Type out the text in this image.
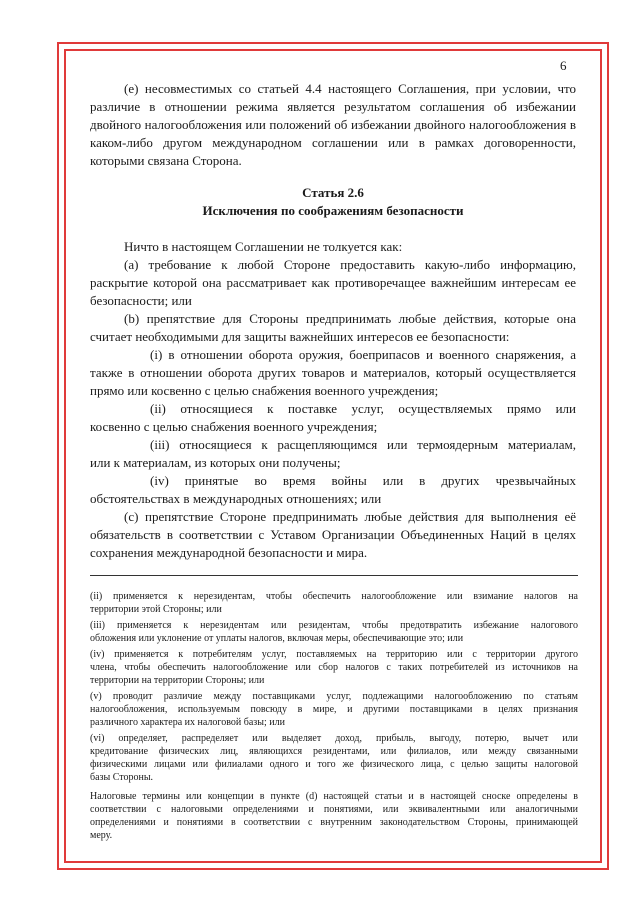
6
(e) несовместимых со статьей 4.4 настоящего Соглашения, при условии, что
различие в отношении режима является результатом соглашения об избежании
двойного налогообложения или положений об избежании двойного налогообложения в
каком-либо другом международном соглашении или в рамках договоренности,
которыми связана Сторона.
Статья 2.6
Исключения по соображениям безопасности
Ничто в настоящем Соглашении не толкуется как:
(a) требование к любой Стороне предоставить какую-либо информацию,
раскрытие которой она рассматривает как противоречащее важнейшим интересам ее
безопасности; или
(b) препятствие для Стороны предпринимать любые действия, которые она
считает необходимыми для защиты важнейших интересов ее безопасности:
(i) в отношении оборота оружия, боеприпасов и военного снаряжения, а
также в отношении оборота других товаров и материалов, который осуществляется
прямо или косвенно с целью снабжения военного учреждения;
(ii) относящиеся к поставке услуг, осуществляемых прямо или
косвенно с целью снабжения военного учреждения;
(iii) относящиеся к расщепляющимся или термоядерным материалам,
или к материалам, из которых они получены;
(iv) принятые во время войны или в других чрезвычайных
обстоятельствах в международных отношениях; или
(c) препятствие Стороне предпринимать любые действия для выполнения её
обязательств в соответствии с Уставом Организации Объединенных Наций в целях
сохранения международной безопасности и мира.
(ii) применяется к нерезидентам, чтобы обеспечить налогообложение или взимание налогов на
территории этой Стороны; или
(iii) применяется к нерезидентам или резидентам, чтобы предотвратить избежание налогового
обложения или уклонение от уплаты налогов, включая меры, обеспечивающие это; или
(iv) применяется к потребителям услуг, поставляемых на территорию или с территории другого
члена, чтобы обеспечить налогообложение или сбор налогов с таких потребителей из источников на
территории на территории Стороны; или
(v) проводит различие между поставщиками услуг, подлежащими налогообложению по статьям
налогообложения, используемым повсюду в мире, и другими поставщиками в целях признания
различного характера их налоговой базы; или
(vi) определяет, распределяет или выделяет доход, прибыль, выгоду, потерю, вычет или
кредитование физических лиц, являющихся резидентами, или филиалов, или между связанными
физическими лицами или филиалами одного и того же физического лица, с целью защиты налоговой
базы Стороны.
Налоговые термины или концепции в пункте (d) настоящей статьи и в настоящей сноске определены в
соответствии с налоговыми определениями и понятиями, или эквивалентными или аналогичными
определениями и понятиями в соответствии с внутренним законодательством Стороны, принимающей
меру.
